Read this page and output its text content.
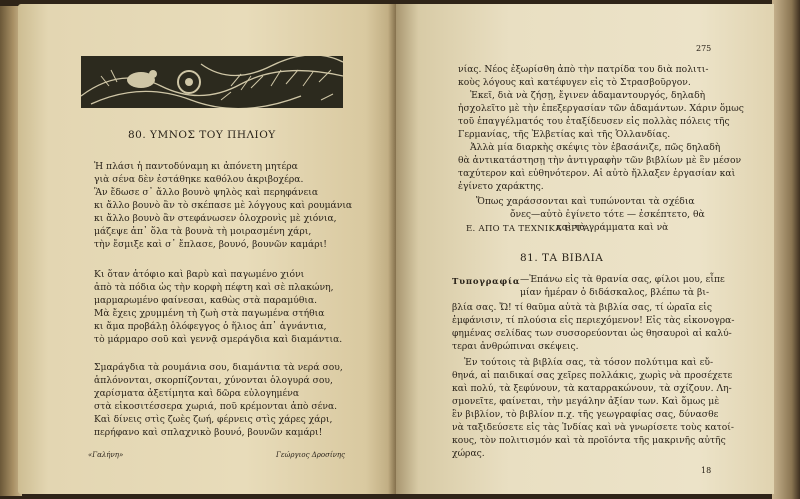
80. ΥΜΝΟΣ ΤΟΥ ΠΗΛΙΟΥ
Ἡ πλάσι ἡ παντοδύναμη κι ἀπόνετη μητέρα
γιὰ σένα δὲν ἐστάθηκε καθόλου ἀκριβοχέρα.
Ἂν ἔδωσε σ᾿ ἄλλο βουνὸ ψηλὸς καὶ περηφάνεια
κι ἄλλο βουνὸ ἂν τὸ σκέπασε μὲ λόγγους καὶ ρουμάνια
κι ἄλλο βουνὸ ἂν στεφάνωσεν ὁλοχρονὶς μὲ χιόνια,
μάζεψε ἀπ᾿ ὅλα τὰ βουνὰ τὴ μοιρασμένη χάρι,
τὴν ἔσμιξε καὶ σ᾿ ἔπλασε, βουνό, βουνῶν καμάρι!
Κι ὅταν ἀτόφιο καὶ βαρὺ καὶ παγωμένο χιόνι
ἀπὸ τὰ πόδια ὡς τὴν κορφὴ πέφτη καὶ σὲ πλακώνη,
μαρμαρωμένο φαίνεσαι, καθὼς στὰ παραμύθια.
Μὰ ἔχεις χρυμμένη τὴ ζωὴ στὰ παγωμένα στήθια
κι ἅμα προβάλῃ ὁλόφεγγος ὁ ἥλιος ἀπ᾿ ἀγνάντια,
τὸ μάρμαρο σοῦ καὶ γεννᾷ σμεράγδια καὶ διαμάντια.
Σμαράγδια τὰ ρουμάνια σου, διαμάντια τὰ νερά σου,
ἁπλόνονται, σκορπίζονται, χύνονται ὁλογυρά σου,
χαρίσματα ἀξετίμητα καὶ δῶρα εὐλογημένα
στὰ εἰκοσιτέσσερα χωριά, ποῦ κρέμονται ἀπὸ σένα.
Καὶ δίνεις στὶς ζωὲς ζωή, φέρνεις στὶς χάρες χάρι,
περήφανο καὶ σπλαχνικὸ βουνό, βουνῶν καμάρι!
«Γαλήνη»	Γεώργιος Δροσίνης
275
νίας. Νέος ἐξωρίσθη ἀπὸ τὴν πατρίδα του διὰ πολιτι-
κοὺς λόγους καὶ κατέφυγεν εἰς τὸ Στρασβοῦργον.
Ἐκεῖ, διὰ νὰ ζήσῃ, ἔγινεν ἀδαμαντουργός, δηλαδὴ
ἠσχολεῖτο μὲ τὴν ἐπεξεργασίαν τῶν ἀδαμάντων. Χάριν ὅμως
τοῦ ἐπαγγέλματός του ἐταξίδευσεν εἰς πολλὰς πόλεις τῆς
Γερμανίας, τῆς Ἑλβετίας καὶ τῆς Ὁλλανδίας.
Ἀλλὰ μία διαρκὴς σκέψις τὸν ἐβασάνιζε, πῶς δηλαδὴ
θὰ ἀντικατάστησῃ τὴν ἀντιγραφὴν τῶν βιβλίων μὲ ἓν μέσον
ταχύτερον καὶ εὐθηνότερον. Αἱ αὐτὸ ἤλλαξεν ἐργασίαν καὶ
ἐγίνετο χαράκτης.
Ὅπως χαράσσονται καὶ τυπώνονται τὰ σχέδια
ὄνες—αὐτὸ ἐγίνετο τότε — ἐσκέπτετο, θὰ
καὶ τὰ γράμματα καὶ νὰ
Ε. ΑΠΟ ΤΑ ΤΕΧΝΙΚΑ ΕΡΓΑ
81. ΤΑ ΒΙΒΛΙΑ
Τυπογραφία —Ἐπάνω εἰς τὰ θρανία σας, φίλοι μου, εἶπε
μίαν ἡμέραν ὁ διδάσκαλος, βλέπω τὰ βι-
βλία σας. Ὤ! τί θαῦμα αὐτὰ τὰ βιβλία σας, τί ὡραῖα εἰς
ἐμφάνισιν, τί πλούσια εἰς περιεχόμενον! Εἰς τὰς εἰκονογρα-
φημένας σελίδας των συσσορεύονται ὡς θησαυροὶ αἱ καλύ-
τεραι ἀνθρώπιναι σκέψεις.
Ἐν τούτοις τὰ βιβλία σας, τὰ τόσον πολύτιμα καὶ εὔ-
θηνά, αἱ παιδικαί σας χεῖρες πολλάκις, χωρὶς νὰ προσέχετε
καὶ πολύ, τὰ ξεφύνουν, τὰ καταρρακώνουν, τὰ σχίζουν. Λη-
σμονεῖτε, φαίνεται, τὴν μεγάλην ἀξίαν των. Καὶ ὅμως μὲ
ἓν βιβλίον, τὸ βιβλίον π.χ. τῆς γεωγραφίας σας, δύνασθε
νὰ ταξιδεύσετε εἰς τὰς Ἰνδίας καὶ νὰ γνωρίσετε τοὺς κατοί-
κους, τὸν πολιτισμόν καὶ τὰ προϊόντα τῆς μακρινῆς αὐτῆς
χώρας.
18
